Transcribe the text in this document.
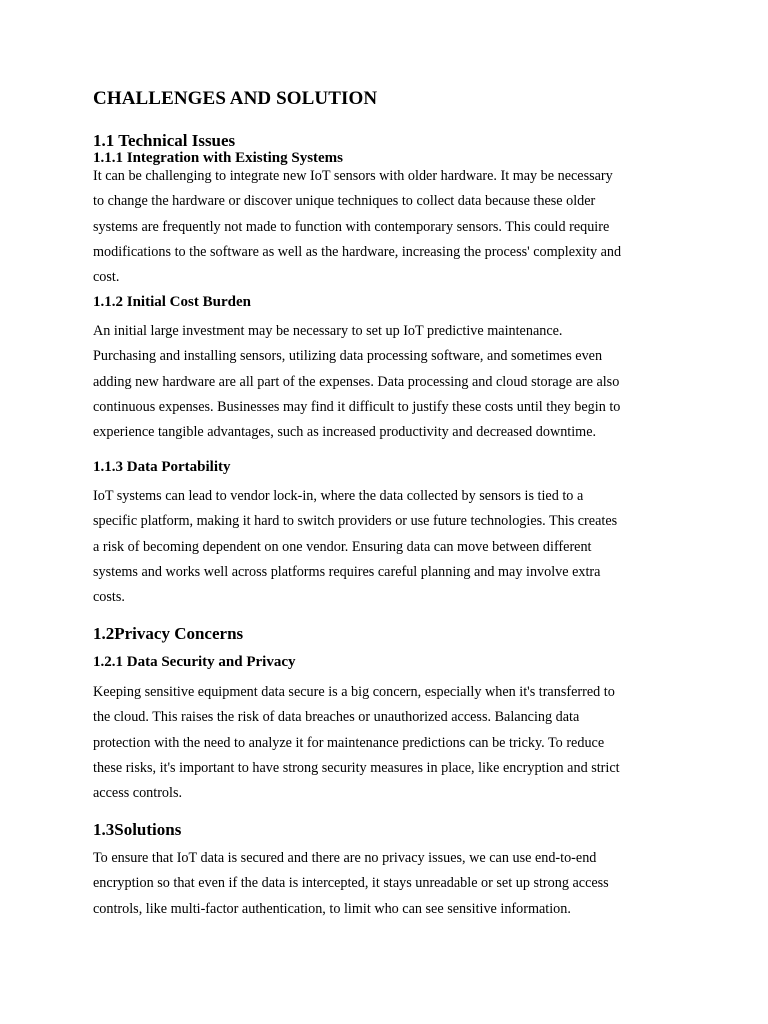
CHALLENGES AND SOLUTION
1.1 Technical Issues
1.1.1 Integration with Existing Systems
It can be challenging to integrate new IoT sensors with older hardware. It may be necessary
to change the hardware or discover unique techniques to collect data because these older
systems are frequently not made to function with contemporary sensors. This could require
modifications to the software as well as the hardware, increasing the process' complexity and
cost.
1.1.2 Initial Cost Burden
An initial large investment may be necessary to set up IoT predictive maintenance.
Purchasing and installing sensors, utilizing data processing software, and sometimes even
adding new hardware are all part of the expenses. Data processing and cloud storage are also
continuous expenses. Businesses may find it difficult to justify these costs until they begin to
experience tangible advantages, such as increased productivity and decreased downtime.
1.1.3 Data Portability
IoT systems can lead to vendor lock-in, where the data collected by sensors is tied to a
specific platform, making it hard to switch providers or use future technologies. This creates
a risk of becoming dependent on one vendor. Ensuring data can move between different
systems and works well across platforms requires careful planning and may involve extra
costs.
1.2Privacy Concerns
1.2.1 Data Security and Privacy
Keeping sensitive equipment data secure is a big concern, especially when it's transferred to
the cloud. This raises the risk of data breaches or unauthorized access. Balancing data
protection with the need to analyze it for maintenance predictions can be tricky. To reduce
these risks, it's important to have strong security measures in place, like encryption and strict
access controls.
1.3Solutions
To ensure that IoT data is secured and there are no privacy issues, we can use end-to-end
encryption so that even if the data is intercepted, it stays unreadable or set up strong access
controls, like multi-factor authentication, to limit who can see sensitive information.
